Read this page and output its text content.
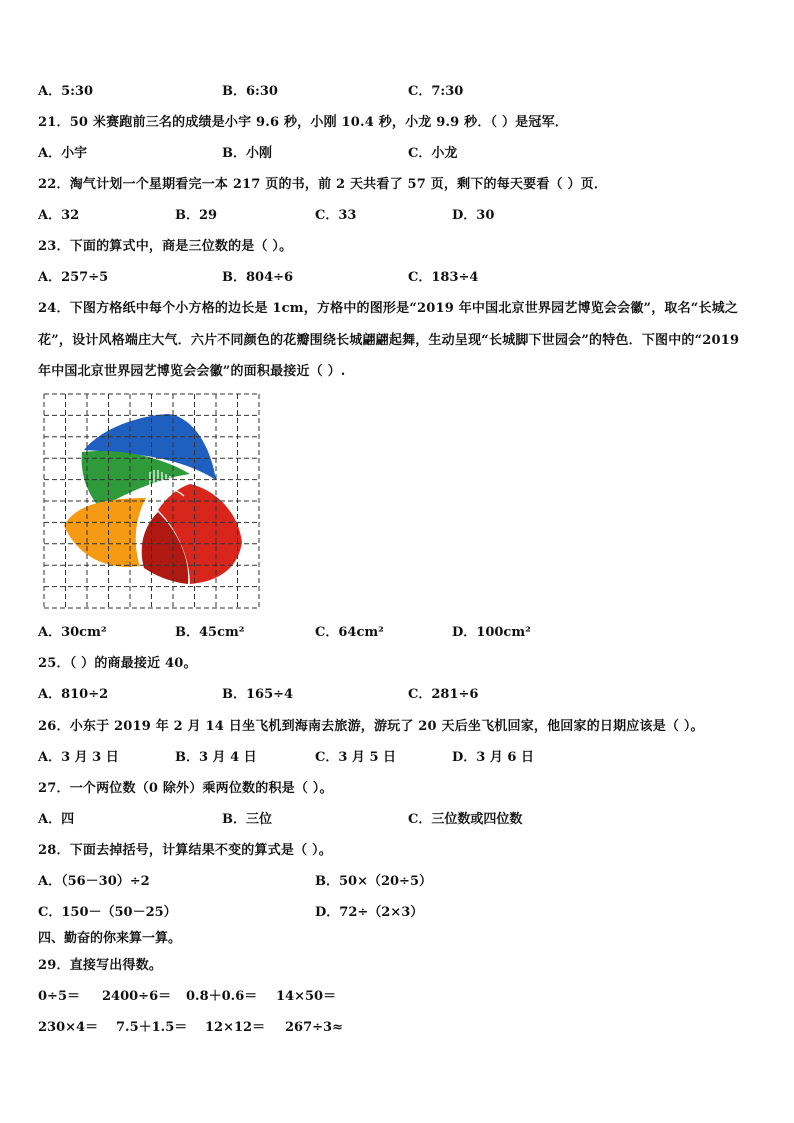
A．5:30	B．6:30	C．7:30
21．50 米赛跑前三名的成绩是小宇 9.6 秒，小刚 10.4 秒，小龙 9.9 秒．（ ）是冠军．
A．小宇	B．小刚	C．小龙
22．淘气计划一个星期看完一本 217 页的书，前 2 天共看了 57 页，剩下的每天要看（ ）页．
A．32	B．29	C．33	D．30
23．下面的算式中，商是三位数的是（ ）。
A．257÷5	B．804÷6	C．183÷4
24．下图方格纸中每个小方格的边长是 1cm，方格中的图形是“2019 年中国北京世界园艺博览会会徽”，取名“长城之
花”，设计风格端庄大气．六片不同颜色的花瓣围绕长城翩翩起舞，生动呈现“长城脚下世园会”的特色．下图中的“2019
年中国北京世界园艺博览会会徽”的面积最接近（ ）.
A．30cm²	B．45cm²	C．64cm²	D．100cm²
25．（ ）的商最接近 40。
A．810÷2	B．165÷4	C．281÷6
26．小东于 2019 年 2 月 14 日坐飞机到海南去旅游，游玩了 20 天后坐飞机回家，他回家的日期应该是（ ）。
A．3 月 3 日	B．3 月 4 日	C．3 月 5 日	D．3 月 6 日
27．一个两位数（0 除外）乘两位数的积是（ ）。
A．四	B．三位	C．三位数或四位数
28．下面去掉括号，计算结果不变的算式是（ ）。
A．（56－30）÷2	B．50×（20÷5）
C．150－（50－25）	D．72÷（2×3）
四、勤奋的你来算一算。
29．直接写出得数。
0÷5＝ 2400÷6＝ 0.8＋0.6＝ 14×50＝
230×4＝ 7.5＋1.5＝ 12×12＝ 267÷3≈
